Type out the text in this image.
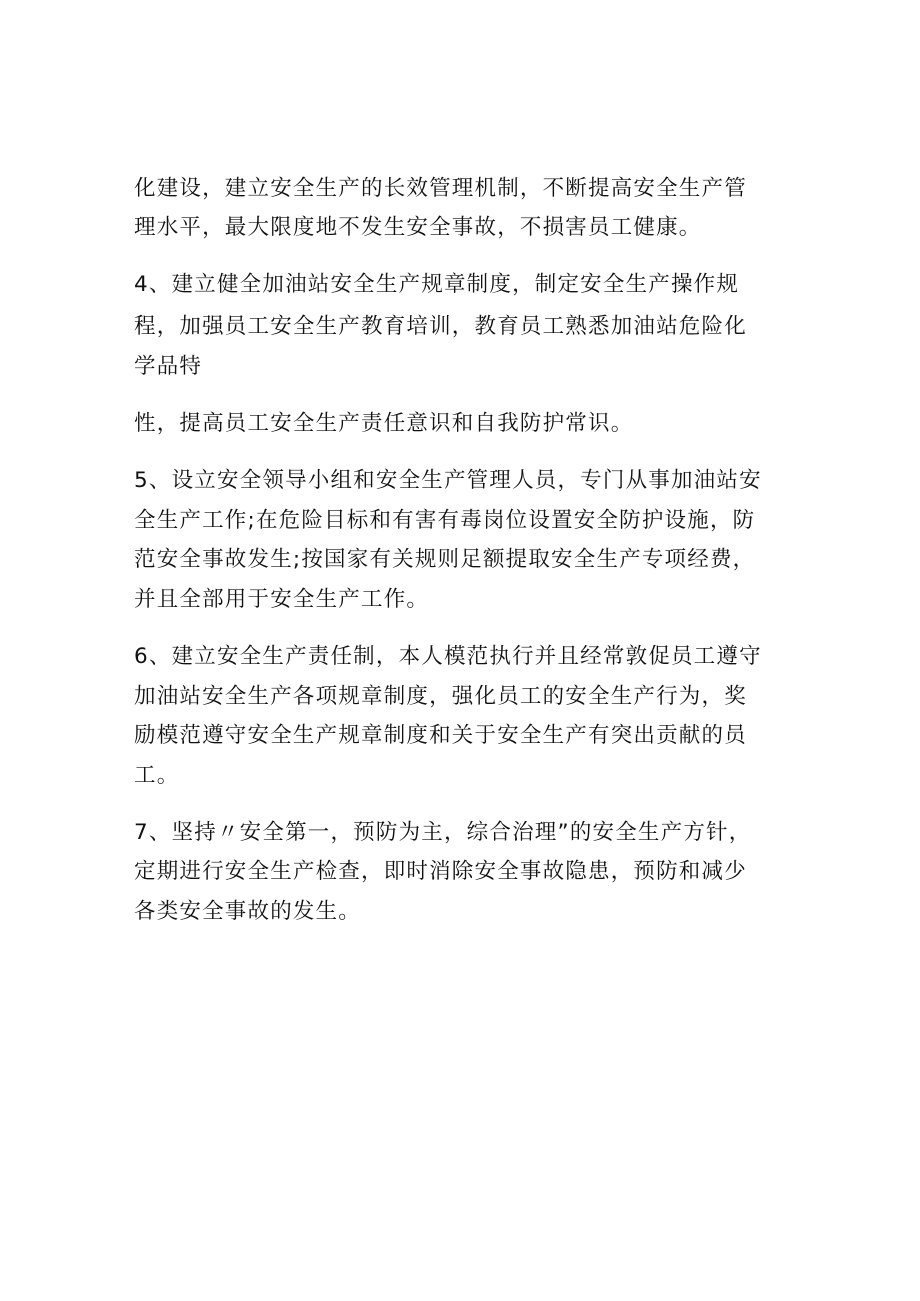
化建设，建立安全生产的长效管理机制，不断提高安全生产管
理水平，最大限度地不发生安全事故，不损害员工健康。
4、建立健全加油站安全生产规章制度，制定安全生产操作规
程，加强员工安全生产教育培训，教育员工熟悉加油站危险化
学品特
性，提高员工安全生产责任意识和自我防护常识。
5、设立安全领导小组和安全生产管理人员，专门从事加油站安
全生产工作;在危险目标和有害有毒岗位设置安全防护设施，防
范安全事故发生;按国家有关规则足额提取安全生产专项经费，
并且全部用于安全生产工作。
6、建立安全生产责任制，本人模范执行并且经常敦促员工遵守
加油站安全生产各项规章制度，强化员工的安全生产行为，奖
励模范遵守安全生产规章制度和关于安全生产有突出贡献的员
工。
7、坚持〃安全第一，预防为主，综合治理”的安全生产方针，
定期进行安全生产检查，即时消除安全事故隐患，预防和减少
各类安全事故的发生。
